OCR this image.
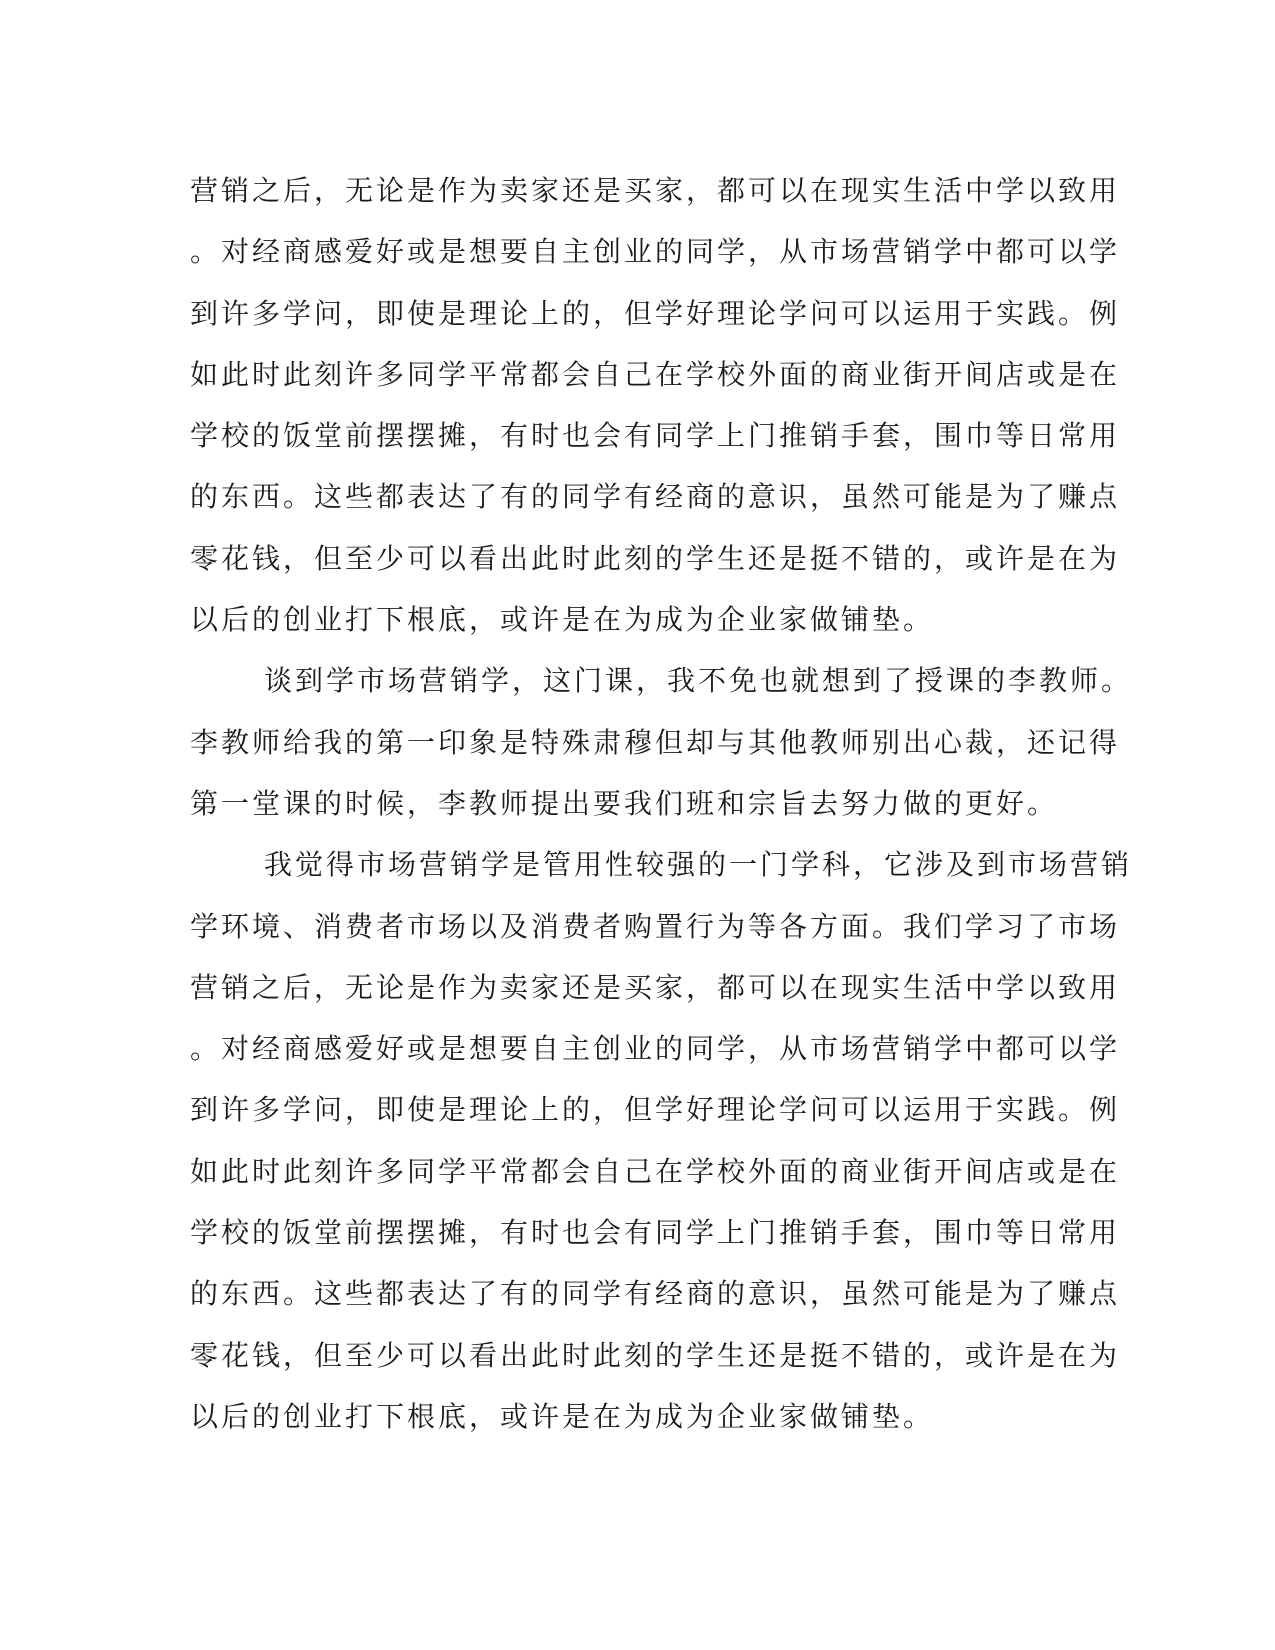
营销之后，无论是作为卖家还是买家，都可以在现实生活中学以致用
。对经商感爱好或是想要自主创业的同学，从市场营销学中都可以学
到许多学问，即使是理论上的，但学好理论学问可以运用于实践。例
如此时此刻许多同学平常都会自己在学校外面的商业街开间店或是在
学校的饭堂前摆摆摊，有时也会有同学上门推销手套，围巾等日常用
的东西。这些都表达了有的同学有经商的意识，虽然可能是为了赚点
零花钱，但至少可以看出此时此刻的学生还是挺不错的，或许是在为
以后的创业打下根底，或许是在为成为企业家做铺垫。
谈到学市场营销学，这门课，我不免也就想到了授课的李教师。
李教师给我的第一印象是特殊肃穆但却与其他教师别出心裁，还记得
第一堂课的时候，李教师提出要我们班和宗旨去努力做的更好。
我觉得市场营销学是管用性较强的一门学科，它涉及到市场营销
学环境、消费者市场以及消费者购置行为等各方面。我们学习了市场
营销之后，无论是作为卖家还是买家，都可以在现实生活中学以致用
。对经商感爱好或是想要自主创业的同学，从市场营销学中都可以学
到许多学问，即使是理论上的，但学好理论学问可以运用于实践。例
如此时此刻许多同学平常都会自己在学校外面的商业街开间店或是在
学校的饭堂前摆摆摊，有时也会有同学上门推销手套，围巾等日常用
的东西。这些都表达了有的同学有经商的意识，虽然可能是为了赚点
零花钱，但至少可以看出此时此刻的学生还是挺不错的，或许是在为
以后的创业打下根底，或许是在为成为企业家做铺垫。
